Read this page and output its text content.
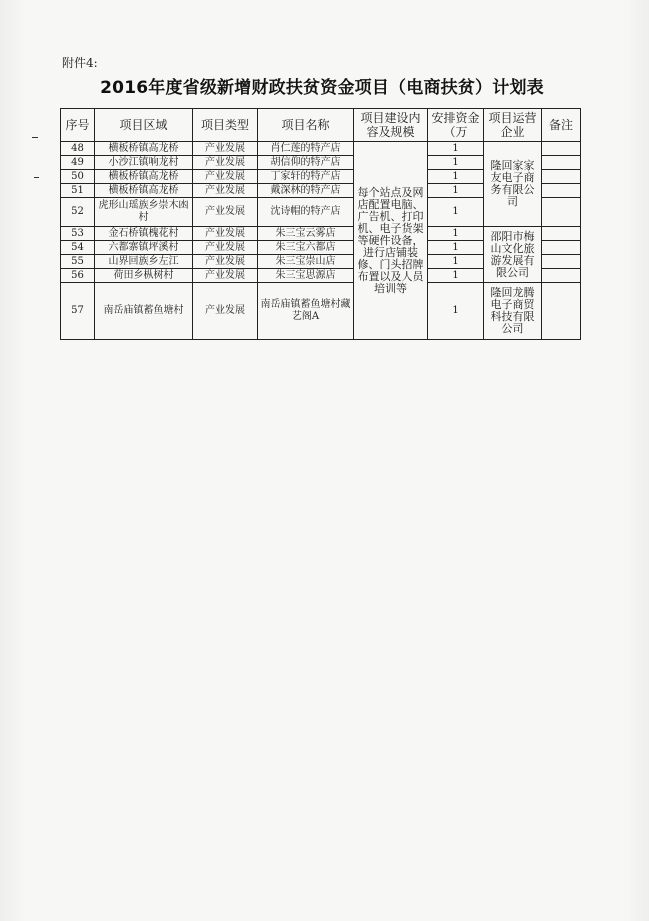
附件4:
2016年度省级新增财政扶贫资金项目（电商扶贫）计划表
序号	项目区域	项目类型	项目名称	项目建设内容及规模	安排资金（万	项目运营企业	备注
48	横板桥镇高龙桥	产业发展	肖仁莲的特产店	每个站点及网店配置电脑、广告机、打印机、电子货架等硬件设备，进行店铺装修、门头招牌布置以及人员培训等	1	隆回家家友电子商务有限公司	
49	小沙江镇响龙村	产业发展	胡信仰的特产店		1		
50	横板桥镇高龙桥	产业发展	丁家轩的特产店		1		
51	横板桥镇高龙桥	产业发展	戴深林的特产店		1		
52	虎形山瑶族乡崇木凼村	产业发展	沈诗帽的特产店		1		
53	金石桥镇槐花村	产业发展	朱三宝云雾店		1	邵阳市梅山文化旅游发展有限公司	
54	六都寨镇坪溪村	产业发展	朱三宝六都店		1		
55	山界回族乡左江	产业发展	朱三宝崇山店		1		
56	荷田乡枞树村	产业发展	朱三宝思源店		1		
57	南岳庙镇蓄鱼塘村	产业发展	南岳庙镇蓄鱼塘村藏艺阁A		1	隆回龙腾电子商贸科技有限公司	
